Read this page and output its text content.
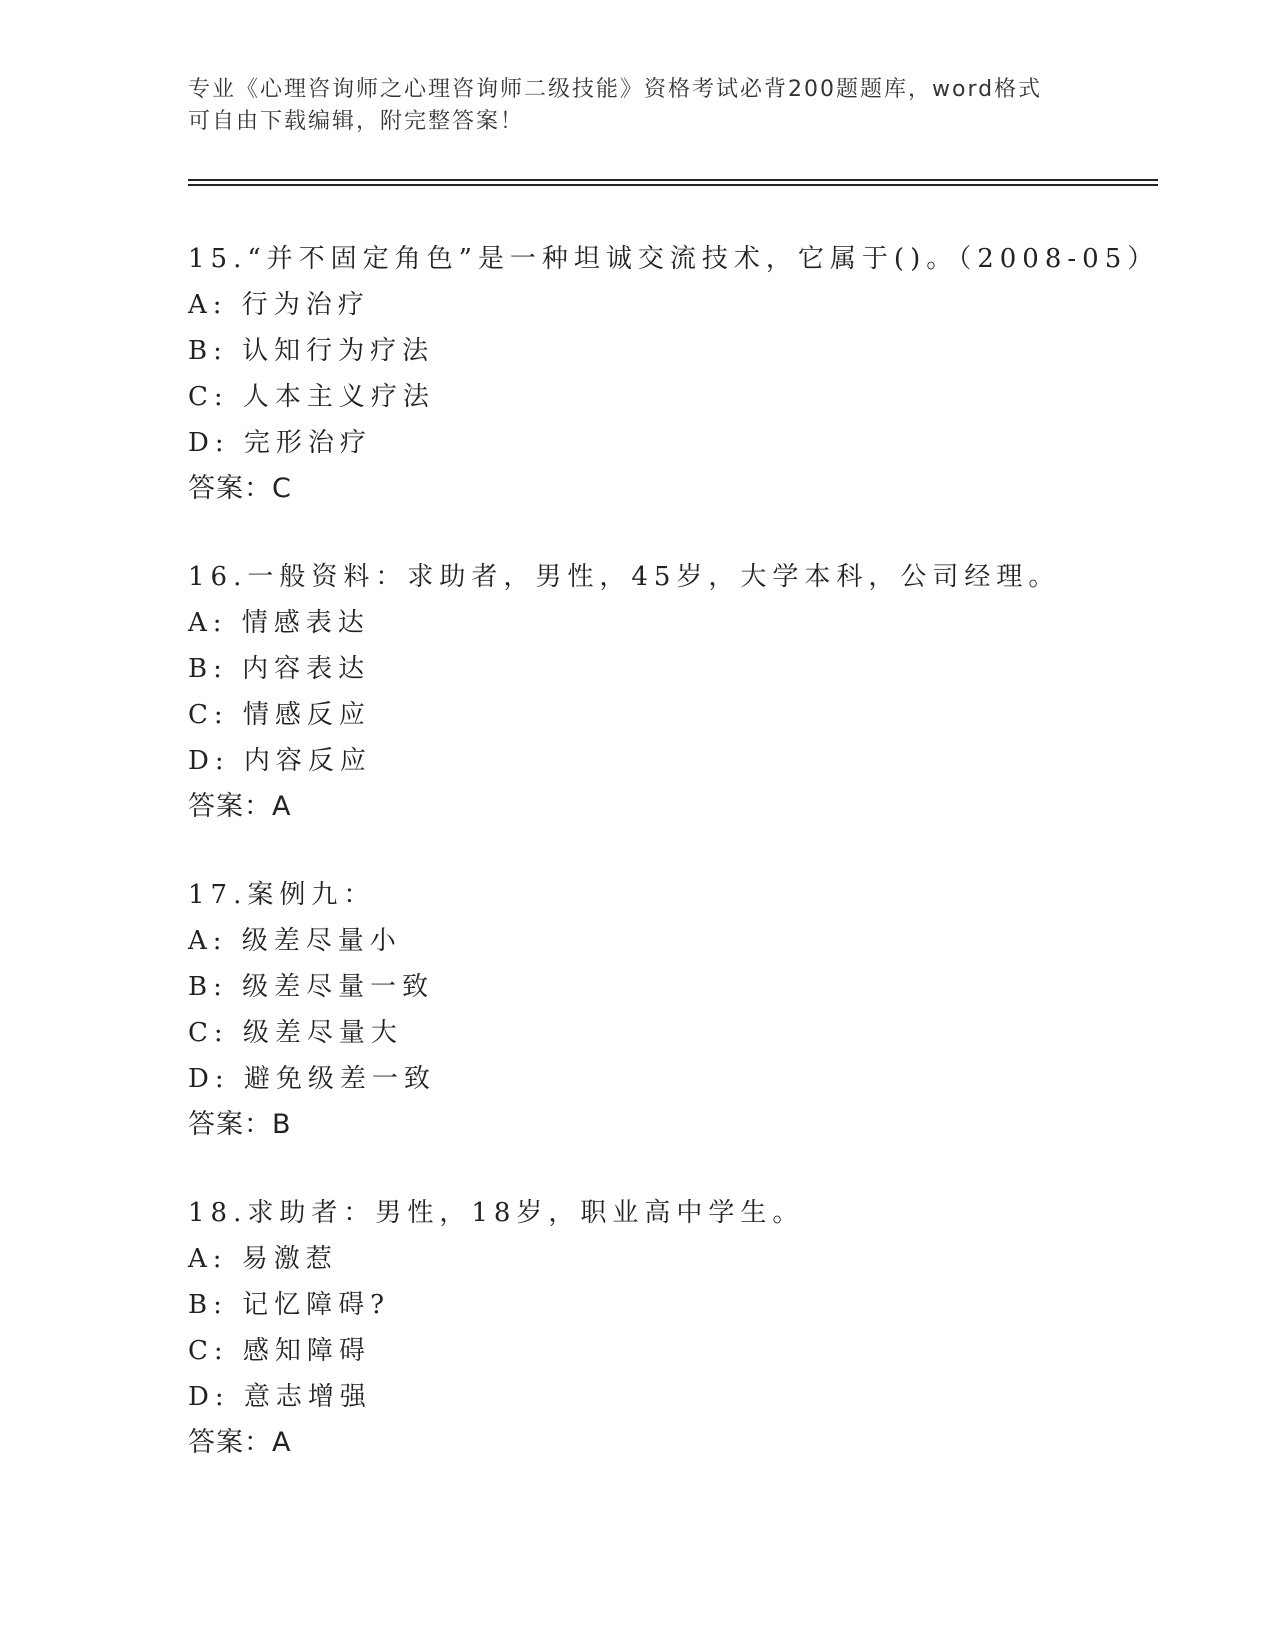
专业《心理咨询师之心理咨询师二级技能》资格考试必背200题题库，word格式
可自由下载编辑，附完整答案！
15.“并不固定角色”是一种坦诚交流技术，它属于()。（2008-05）
A: 行为治疗
B: 认知行为疗法
C: 人本主义疗法
D: 完形治疗
答案：C
16.一般资料：求助者，男性，45岁，大学本科，公司经理。
A: 情感表达
B: 内容表达
C: 情感反应
D: 内容反应
答案：A
17.案例九：
A: 级差尽量小
B: 级差尽量一致
C: 级差尽量大
D: 避免级差一致
答案：B
18.求助者：男性，18岁，职业高中学生。
A: 易激惹
B: 记忆障碍?
C: 感知障碍
D: 意志增强
答案：A
